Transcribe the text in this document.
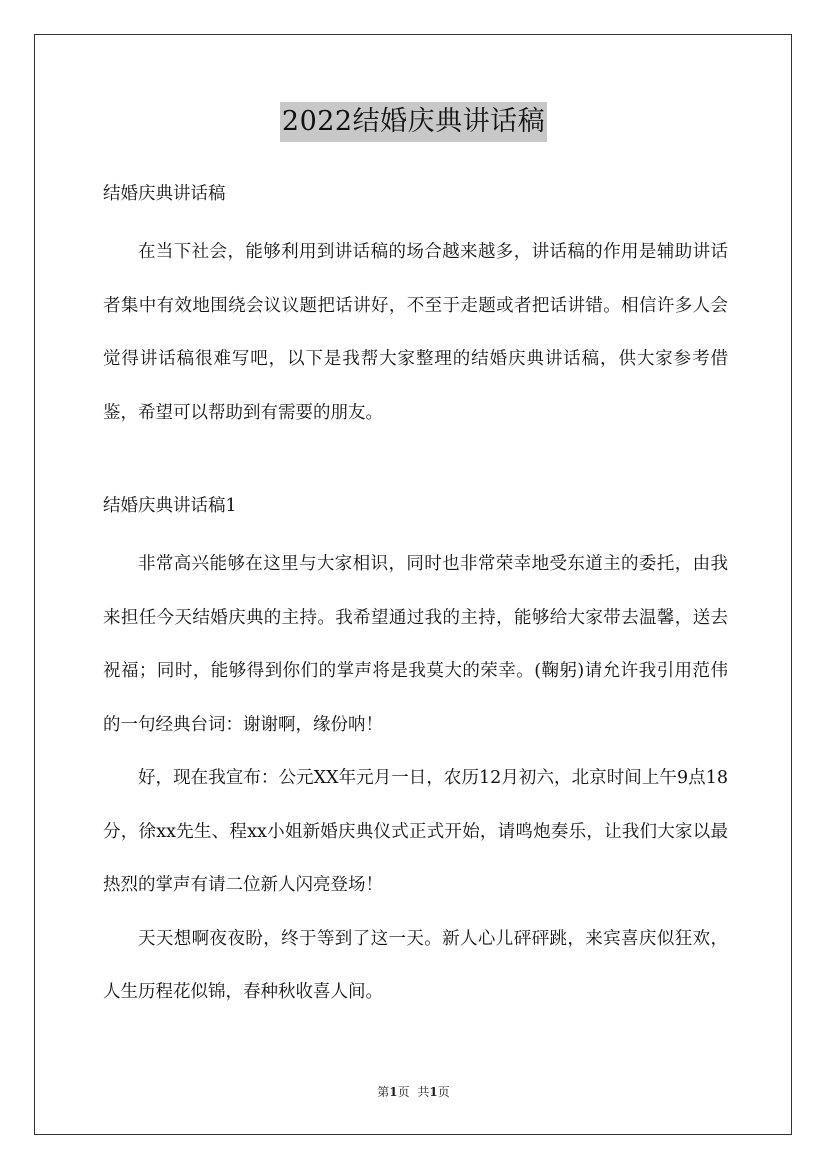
2022结婚庆典讲话稿

结婚庆典讲话稿

在当下社会，能够利用到讲话稿的场合越来越多，讲话稿的作用是辅助讲话者集中有效地围绕会议议题把话讲好，不至于走题或者把话讲错。相信许多人会觉得讲话稿很难写吧，以下是我帮大家整理的结婚庆典讲话稿，供大家参考借鉴，希望可以帮助到有需要的朋友。

结婚庆典讲话稿1

非常高兴能够在这里与大家相识，同时也非常荣幸地受东道主的委托，由我来担任今天结婚庆典的主持。我希望通过我的主持，能够给大家带去温馨，送去祝福；同时，能够得到你们的掌声将是我莫大的荣幸。(鞠躬)请允许我引用范伟的一句经典台词：谢谢啊，缘份呐！

好，现在我宣布：公元XX年元月一日，农历12月初六，北京时间上午9点18分，徐xx先生、程xx小姐新婚庆典仪式正式开始，请鸣炮奏乐，让我们大家以最热烈的掌声有请二位新人闪亮登场！

天天想啊夜夜盼，终于等到了这一天。新人心儿砰砰跳，来宾喜庆似狂欢，人生历程花似锦，春种秋收喜人间。

第1页 共1页
